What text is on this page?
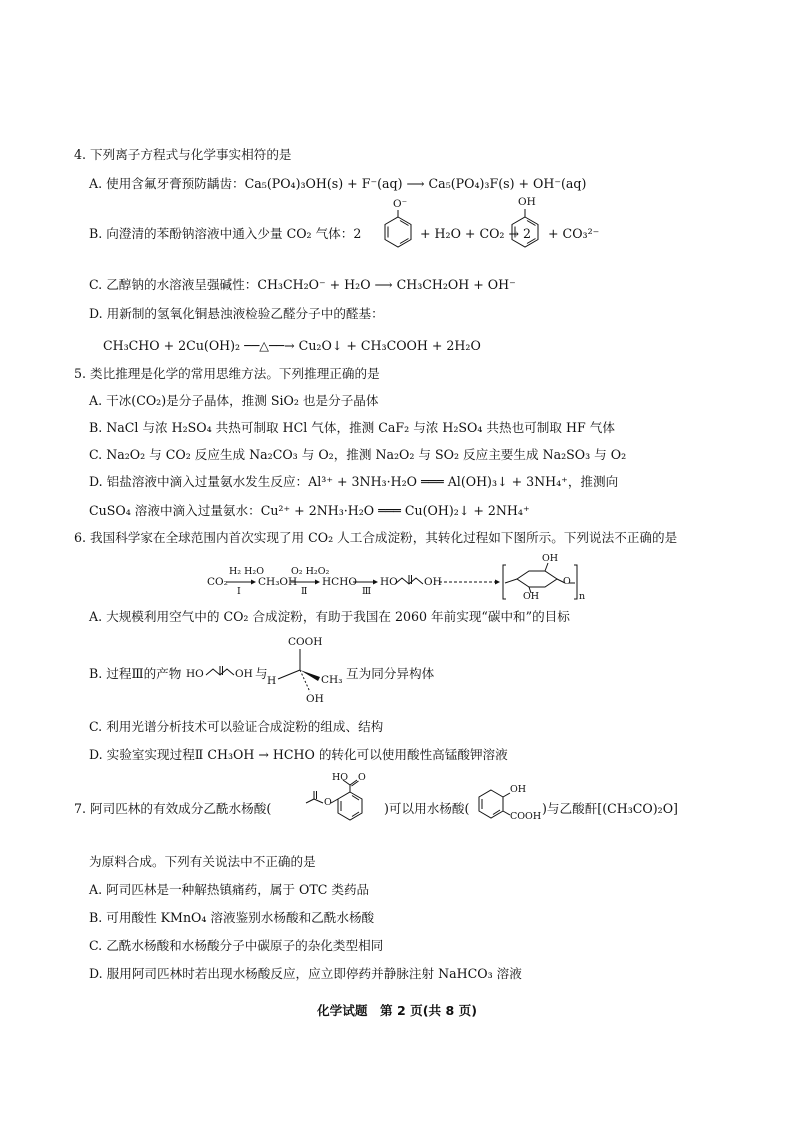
4. 下列离子方程式与化学事实相符的是
A. 使用含氟牙膏预防龋齿：Ca₅(PO₄)₃OH(s) + F⁻(aq) ⟶ Ca₅(PO₄)₃F(s) + OH⁻(aq)
B. 向澄清的苯酚钠溶液中通入少量 CO₂ 气体：2
O⁻
+ H₂O + CO₂ → 2
OH
+ CO₃²⁻
C. 乙醇钠的水溶液呈强碱性：CH₃CH₂O⁻ + H₂O ⟶ CH₃CH₂OH + OH⁻
D. 用新制的氢氧化铜悬浊液检验乙醛分子中的醛基：
CH₃CHO + 2Cu(OH)₂ ──△──→ Cu₂O↓ + CH₃COOH + 2H₂O
5. 类比推理是化学的常用思维方法。下列推理正确的是
A. 干冰(CO₂)是分子晶体，推测 SiO₂ 也是分子晶体
B. NaCl 与浓 H₂SO₄ 共热可制取 HCl 气体，推测 CaF₂ 与浓 H₂SO₄ 共热也可制取 HF 气体
C. Na₂O₂ 与 CO₂ 反应生成 Na₂CO₃ 与 O₂，推测 Na₂O₂ 与 SO₂ 反应主要生成 Na₂SO₃ 与 O₂
D. 铝盐溶液中滴入过量氨水发生反应：Al³⁺ + 3NH₃·H₂O ═══ Al(OH)₃↓ + 3NH₄⁺，推测向
CuSO₄ 溶液中滴入过量氨水：Cu²⁺ + 2NH₃·H₂O ═══ Cu(OH)₂↓ + 2NH₄⁺
6. 我国科学家在全球范围内首次实现了用 CO₂ 人工合成淀粉，其转化过程如下图所示。下列说法不正确的是
CO₂
H₂ H₂O
Ⅰ
CH₃OH
O₂ H₂O₂
Ⅱ
HCHO
Ⅲ
HO OH
OH
OH
O
n
A. 大规模利用空气中的 CO₂ 合成淀粉，有助于我国在 2060 年前实现“碳中和”的目标
B. 过程Ⅲ的产物 HO	OH 与
COOH
H	CH₃
OH
互为同分异构体
C. 利用光谱分析技术可以验证合成淀粉的组成、结构
D. 实验室实现过程Ⅱ CH₃OH → HCHO 的转化可以使用酸性高锰酸钾溶液
7. 阿司匹林的有效成分乙酰水杨酸(
HO O
O	)可以用水杨酸(
OH
COOH
)与乙酸酐[(CH₃CO)₂O]
为原料合成。下列有关说法中不正确的是
A. 阿司匹林是一种解热镇痛药，属于 OTC 类药品
B. 可用酸性 KMnO₄ 溶液鉴别水杨酸和乙酰水杨酸
C. 乙酰水杨酸和水杨酸分子中碳原子的杂化类型相同
D. 服用阿司匹林时若出现水杨酸反应，应立即停药并静脉注射 NaHCO₃ 溶液
化学试题　第 2 页(共 8 页)
